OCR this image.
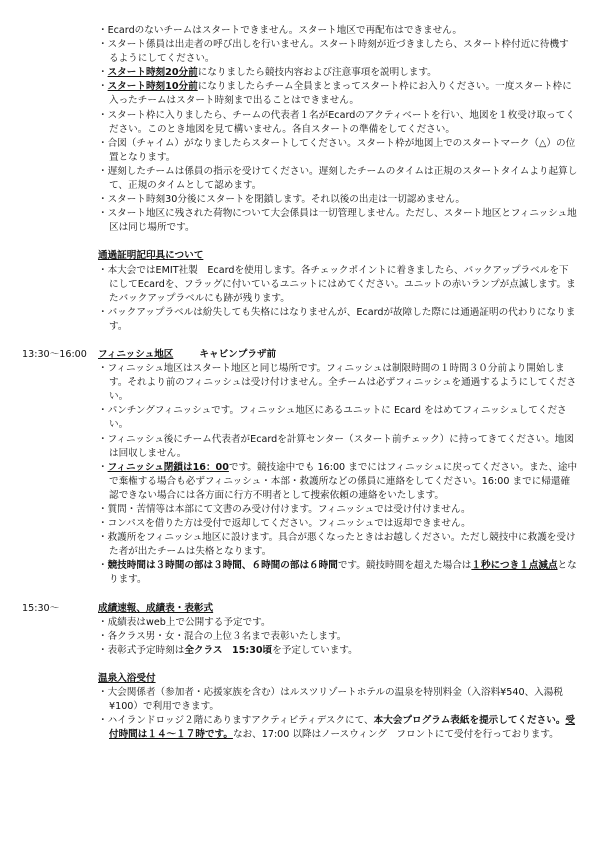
・Ecardのないチームはスタートできません。スタート地区で再配布はできません。
・スタート係員は出走者の呼び出しを行いません。スタート時刻が近づきましたら、スタート枠付近に待機するようにしてください。
・スタート時刻20分前になりましたら競技内容および注意事項を説明します。
・スタート時刻10分前になりましたらチーム全員まとまってスタート枠にお入りください。一度スタート枠に入ったチームはスタート時刻まで出ることはできません。
・スタート枠に入りましたら、チームの代表者１名がEcardのアクティベートを行い、地図を１枚受け取ってください。このとき地図を見て構いません。各自スタートの準備をしてください。
・合図（チャイム）がなりましたらスタートしてください。スタート枠が地図上でのスタートマーク（△）の位置となります。
・遅刻したチームは係員の指示を受けてください。遅刻したチームのタイムは正規のスタートタイムより起算して、正規のタイムとして認めます。
・スタート時刻30分後にスタートを閉鎖します。それ以後の出走は一切認めません。
・スタート地区に残された荷物について大会係員は一切管理しません。ただし、スタート地区とフィニッシュ地区は同じ場所です。
通過証明記印具について
・本大会ではEMIT社製　Ecardを使用します。各チェックポイントに着きましたら、バックアップラベルを下にしてEcardを、フラッグに付いているユニットにはめてください。ユニットの赤いランプが点滅します。またバックアップラベルにも跡が残ります。
・バックアップラベルは紛失しても失格にはなりませんが、Ecardが故障した際には通過証明の代わりになります。
13:30～16:00 フィニッシュ地区	キャビンプラザ前
・フィニッシュ地区はスタート地区と同じ場所です。フィニッシュは制限時間の１時間３０分前より開始します。それより前のフィニッシュは受け付けません。全チームは必ずフィニッシュを通過するようにしてください。
・パンチングフィニッシュです。フィニッシュ地区にあるユニットに Ecard をはめてフィニッシュしてください。
・フィニッシュ後にチーム代表者がEcardを計算センター（スタート前チェック）に持ってきてください。地図は回収しません。
・フィニッシュ閉鎖は16：00です。競技途中でも 16:00 までにはフィニッシュに戻ってください。また、途中で棄権する場合も必ずフィニッシュ・本部・救護所などの係員に連絡をしてください。16:00 までに帰還確認できない場合には各方面に行方不明者として捜索依頼の連絡をいたします。
・質問・苦情等は本部にて文書のみ受け付けます。フィニッシュでは受け付けません。
・コンパスを借りた方は受付で返却してください。フィニッシュでは返却できません。
・救護所をフィニッシュ地区に設けます。具合が悪くなったときはお越しください。ただし競技中に救護を受けた者が出たチームは失格となります。
・競技時間は３時間の部は３時間、６時間の部は６時間です。競技時間を超えた場合は１秒につき１点減点となります。
15:30～	成績速報、成績表・表彰式
・成績表はweb上で公開する予定です。
・各クラス男・女・混合の上位３名まで表彰いたします。
・表彰式予定時刻は全クラス　15:30頃を予定しています。
温泉入浴受付
・大会関係者（参加者・応援家族を含む）はルスツリゾートホテルの温泉を特別料金（入浴料¥540、入湯税¥100）で利用できます。
・ハイランドロッジ２階にありますアクティビティデスクにて、本大会プログラム表紙を提示してください。受付時間は１４～１７時です。なお、17:00 以降はノースウィング　フロントにて受付を行っております。
